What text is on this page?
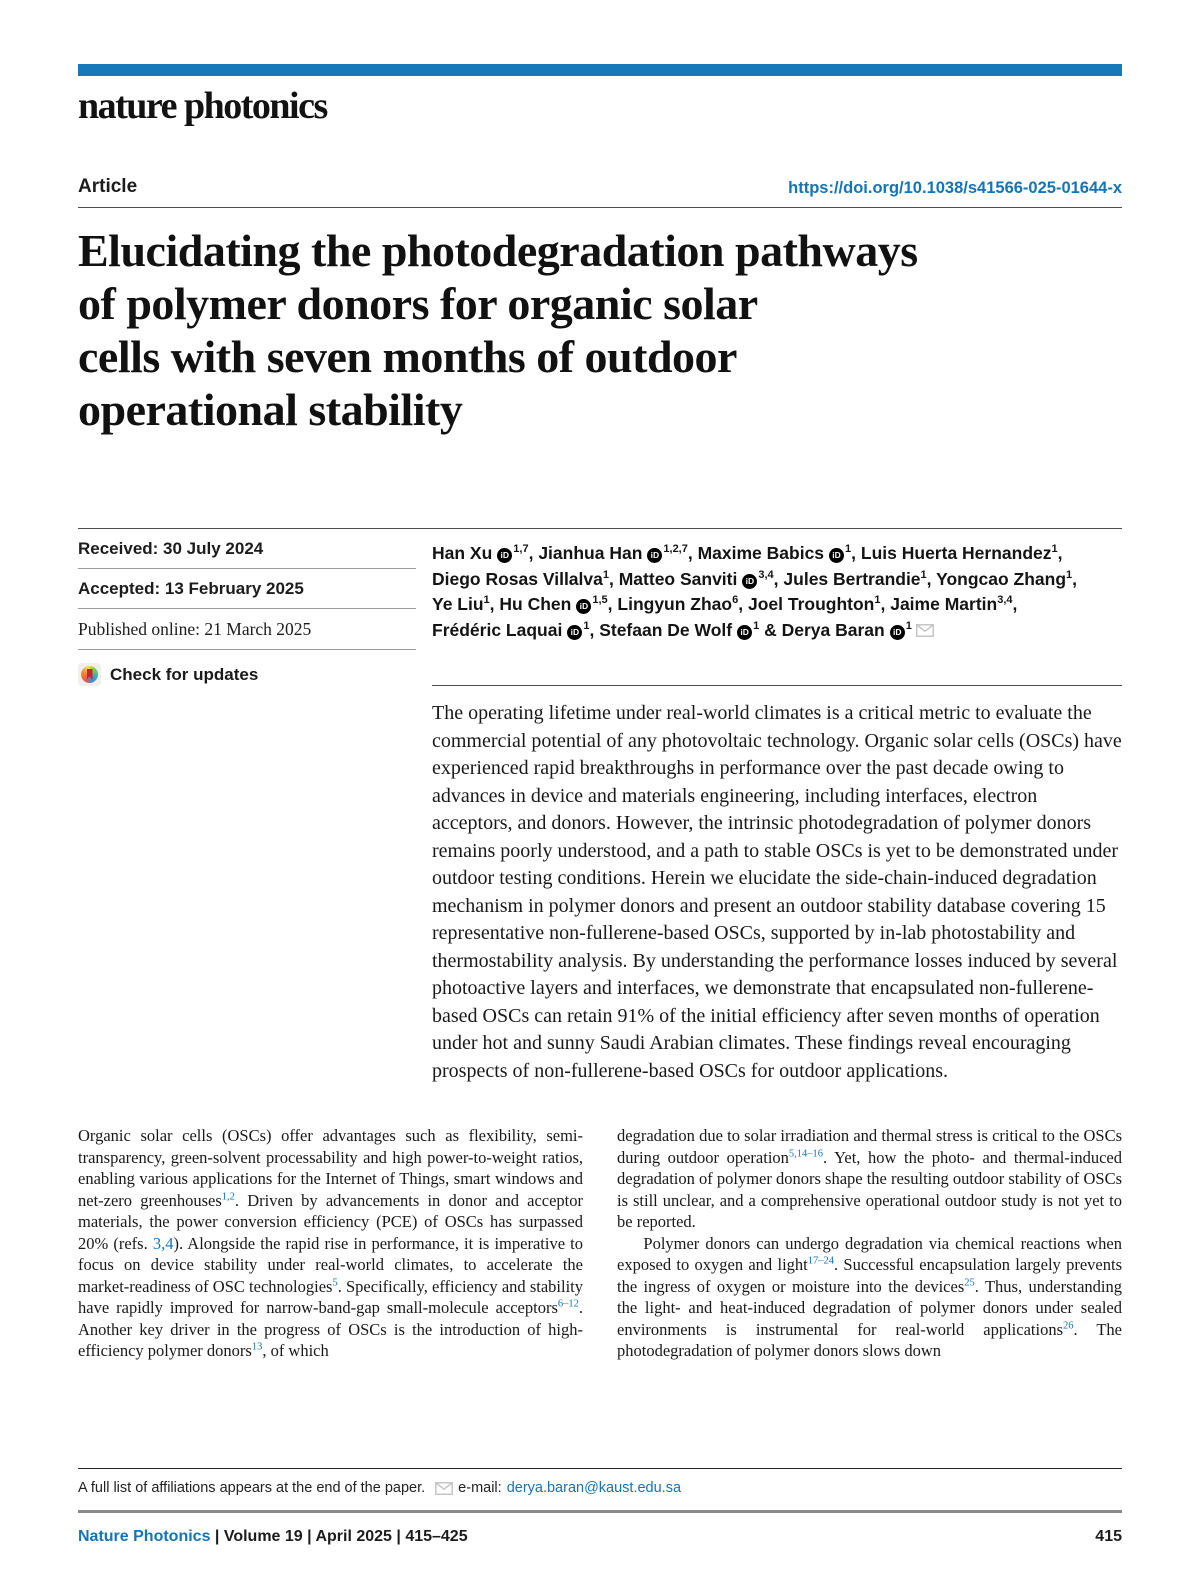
nature photonics
Article	https://doi.org/10.1038/s41566-025-01644-x
Elucidating the photodegradation pathways
of polymer donors for organic solar
cells with seven months of outdoor
operational stability
Received: 30 July 2024
Accepted: 13 February 2025
Published online: 21 March 2025
Check for updates
Han Xu iD $^{1,7}$, Jianhua Han iD $^{1,2,7}$, Maxime Babics iD $^1$, Luis Huerta Hernandez$^1$,
Diego Rosas Villalva$^1$, Matteo Sanviti iD $^{3,4}$, Jules Bertrandie$^1$, Yongcao Zhang$^1$,
Ye Liu$^1$, Hu Chen iD $^{1,5}$, Lingyun Zhao$^6$, Joel Troughton$^1$, Jaime Martin$^{3,4}$,
Frédéric Laquai iD $^1$, Stefaan De Wolf iD $^1$ & Derya Baran iD $^1$

The operating lifetime under real-world climates is a critical metric to evaluate the commercial potential of any photovoltaic technology. Organic solar cells (OSCs) have experienced rapid breakthroughs in performance over the past decade owing to advances in device and materials engineering, including interfaces, electron acceptors, and donors. However, the intrinsic photodegradation of polymer donors remains poorly understood, and a path to stable OSCs is yet to be demonstrated under outdoor testing conditions. Herein we elucidate the side-chain-induced degradation mechanism in polymer donors and present an outdoor stability database covering 15 representative non-fullerene-based OSCs, supported by in-lab photostability and thermostability analysis. By understanding the performance losses induced by several photoactive layers and interfaces, we demonstrate that encapsulated non-fullerene-based OSCs can retain 91% of the initial efficiency after seven months of operation under hot and sunny Saudi Arabian climates. These findings reveal encouraging prospects of non-fullerene-based OSCs for outdoor applications.

Organic solar cells (OSCs) offer advantages such as flexibility, semi-transparency, green-solvent processability and high power-to-weight ratios, enabling various applications for the Internet of Things, smart windows and net-zero greenhouses$^{1,2}$. Driven by advancements in donor and acceptor materials, the power conversion efficiency (PCE) of OSCs has surpassed 20% (refs. 3,4). Alongside the rapid rise in performance, it is imperative to focus on device stability under real-world climates, to accelerate the market-readiness of OSC technologies$^5$. Specifically, efficiency and stability have rapidly improved for narrow-band-gap small-molecule acceptors$^{6-12}$. Another key driver in the progress of OSCs is the introduction of high-efficiency polymer donors$^{13}$, of which

degradation due to solar irradiation and thermal stress is critical to the OSCs during outdoor operation$^{5,14-16}$. Yet, how the photo- and thermal-induced degradation of polymer donors shape the resulting outdoor stability of OSCs is still unclear, and a comprehensive operational outdoor study is not yet to be reported.

Polymer donors can undergo degradation via chemical reactions when exposed to oxygen and light$^{17-24}$. Successful encapsulation largely prevents the ingress of oxygen or moisture into the devices$^{25}$. Thus, understanding the light- and heat-induced degradation of polymer donors under sealed environments is instrumental for real-world applications$^{26}$. The photodegradation of polymer donors slows down

A full list of affiliations appears at the end of the paper. e-mail: derya.baran@kaust.edu.sa
Nature Photonics | Volume 19 | April 2025 | 415–425	415
